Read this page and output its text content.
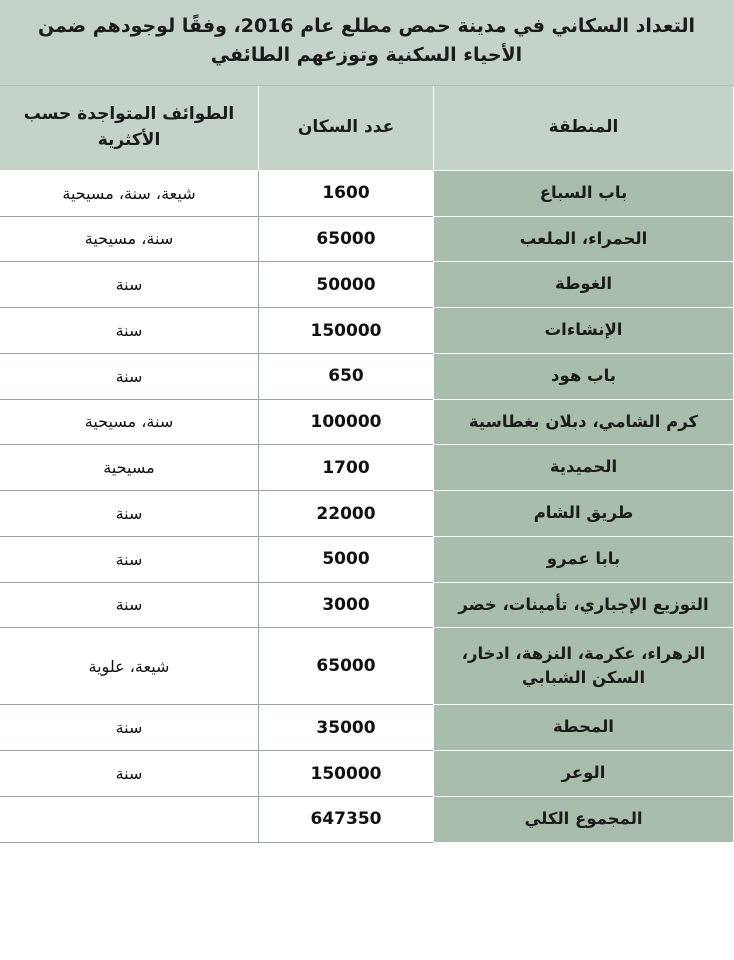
التعداد السكاني في مدينة حمص مطلع عام 2016، وفقًا لوجودهم ضمن الأحياء السكنية وتوزعهم الطائفي		
المنطقة	عدد السكان	الطوائف المتواجدة حسب الأكثرية
باب السباع	1600	شيعة، سنة، مسيحية
الحمراء، الملعب	65000	سنة، مسيحية
الغوطة	50000	سنة
الإنشاءات	150000	سنة
باب هود	650	سنة
كرم الشامي، دبلان بغطاسية	100000	سنة، مسيحية
الحميدية	1700	مسيحية
طريق الشام	22000	سنة
بابا عمرو	5000	سنة
التوزيع الإجباري، تأمينات، خضر	3000	سنة
الزهراء، عكرمة، النزهة، ادخار، السكن الشبابي	65000	شيعة، علوية
المحطة	35000	سنة
الوعر	150000	سنة
المجموع الكلي	647350	
